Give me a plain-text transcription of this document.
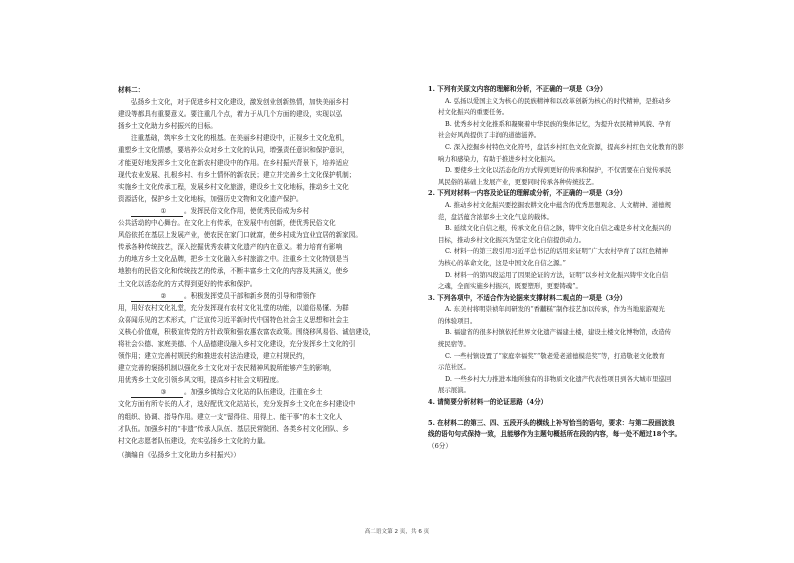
材料二：

弘扬乡土文化，对于促进乡村文化建设，激发创业创新热情，加快美丽乡村

建设等都具有重要意义。要注重几个点，着力于从几个方面的建设，实现以弘

扬乡土文化助力乡村振兴的目标。

注重基础，筑牢乡土文化的根基。在美丽乡村建设中，正视乡土文化危机，

重塑乡土文化情感，要培养公众对乡土文化的认同，增强责任意识和保护意识，

才能更好地发挥乡土文化在新农村建设中的作用。在乡村振兴背景下，培养适应

现代农业发展、扎根乡村、有乡土情怀的新农民；建立并完善乡土文化保护机制；

实施乡土文化传承工程，发展乡村文化旅游，建设乡土文化地标，推动乡土文化

资源活化，保护乡土文化地标，加强历史文物和文化遗产保护。

①	。发挥民俗文化作用，使优秀民俗成为乡村

公共活动的中心舞台。在文化上有传承，在发展中有创新，使优秀民俗文化

风俗依托在基层上发展产业，使农民在家门口就富，使乡村成为宜业宜居的新家园。

传承各种传统技艺，深入挖掘优秀农耕文化遗产的内在意义。着力培育有影响

力的地方乡土文化品牌，把乡土文化融入乡村旅游之中。注重乡土文化特别是当

地独有的民俗文化和传统技艺的传承，不断丰富乡土文化的内容及其涵义，使乡

土文化以活态化的方式得到更好的传承和保护。

②	。积极发挥党员干部和新乡贤的引导和带领作

用，用好农村文化礼堂，充分发挥现有农村文化礼堂的功能，以道俗易懂、为群

众喜闻乐见的艺术形式，广泛宣传习近平新时代中国特色社会主义思想和社会主

义核心价值观，积极宣传党的方针政策和强农惠农富农政策。围绕移风易俗、诚信建设，

将社会公德、家庭美德、个人品德建设融入乡村文化建设，充分发挥乡土文化的引

领作用；建立完善村规民约和推进农村法治建设，建立村规民约，

建立完善的褒扬机制以强化乡土文化对于农民精神风貌所能够产生的影响，

用优秀乡土文化引领乡风文明，提高乡村社会文明程度。

③	。加强乡镇综合文化站的队伍建设，注重在乡土

文化方面有所专长的人才，选好配优文化站站长，充分发挥乡土文化在乡村建设中

的组织、协调、指导作用。建立一支“留得住、用得上、能干事”的本土文化人

才队伍。加强乡村的“非遗”传承人队伍、基层民营院团、各类乡村文化团队、乡

村文化志愿者队伍建设，充实弘扬乡土文化的力量。

（摘编自《弘扬乡土文化助力乡村振兴》）

1. 下列有关原文内容的理解和分析，不正确的一项是（3分）

A. 弘扬以爱国主义为核心的民族精神和以改革创新为核心的时代精神，是推动乡

村文化振兴的重要任务。

B. 优秀乡村文化推系和凝聚着中华民族的集体记忆，为提升农民精神风貌、孕育

社会好风尚提供了丰润的道德滋养。

C. 深入挖掘乡村特色文化符号，盘活乡村红色文化资源，提高乡村红色文化教育的影

响力和感染力，有助于推进乡村文化振兴。

D. 要使乡土文化以活态化的方式得到更好的传承和保护，不仅需要在自觉传承民

风民俗的基础上发展产业，更要同时传承各种传统技艺。

2. 下列对材料一内容及论证的理解或分析，不正确的一项是（3分）

A. 推动乡村文化振兴要挖掘农耕文化中蕴含的优秀思想观念、人文精神、道德规

范，盘活蕴含浓郁乡土文化气息的载体。

B. 延续文化自信之根，传承文化自信之脉，铸牢文化自信之魂是乡村文化振兴的

目标，推动乡村文化振兴为坚定文化自信提供动力。

C. 材料一的第三段引用习近平总书记的话用来证明“广大农村孕育了以红色精神

为核心的革命文化，这是中国文化自信之源。”

D. 材料一的第四段运用了因果论证的方法，证明“以乡村文化振兴铸牢文化自信

之魂，全面实施乡村振兴，既要塑形，更要铸魂”。

3. 下列各项中，不适合作为论据来支撑材料二观点的一项是（3分）

A. 东美村将明崇祯年间研发的“香黼糕”制作技艺加以传承，作为当地旅游观光

的体验项目。

B. 福建省的很多村镇依托世界文化遗产福建土楼，建设土楼文化博物馆，改造传

统民宿等。

C. 一些村镇设置了“家庭幸福奖”“敬老爱老道德模范奖”等，打造敬老文化教育

示范社区。

D. 一些乡村大力推进本地所独有的非物质文化遗产代表性项目到各大城市里巡回

展示展演。

4. 请简要分析材料一的论证思路（4分）

5. 在材料二的第三、四、五段开头的横线上补写恰当的语句，要求：与第二段画波浪

线的语句句式保持一致，且能够作为主题句概括所在段的内容，每一处不超过18个字。

（6分）

高二语文第 2 页，共 6 页
